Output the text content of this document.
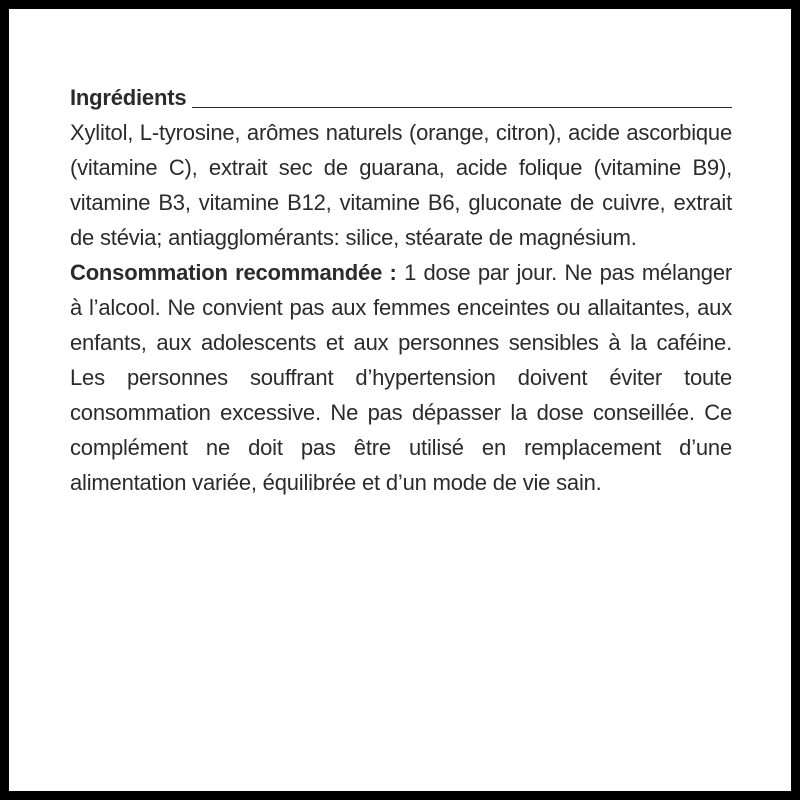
Ingrédients

Xylitol, L-tyrosine, arômes naturels (orange, citron), acide ascorbique (vitamine C), extrait sec de guarana, acide folique (vitamine B9), vitamine B3, vitamine B12, vitamine B6, gluconate de cuivre, extrait de stévia; antiagglomérants: silice, stéarate de magnésium.

Consommation recommandée : 1 dose par jour. Ne pas mélanger à l’alcool. Ne convient pas aux femmes enceintes ou allaitantes, aux enfants, aux adolescents et aux personnes sensibles à la caféine. Les personnes souffrant d’hypertension doivent éviter toute consommation excessive. Ne pas dépasser la dose conseillée. Ce complément ne doit pas être utilisé en remplacement d’une alimentation variée, équilibrée et d’un mode de vie sain.
